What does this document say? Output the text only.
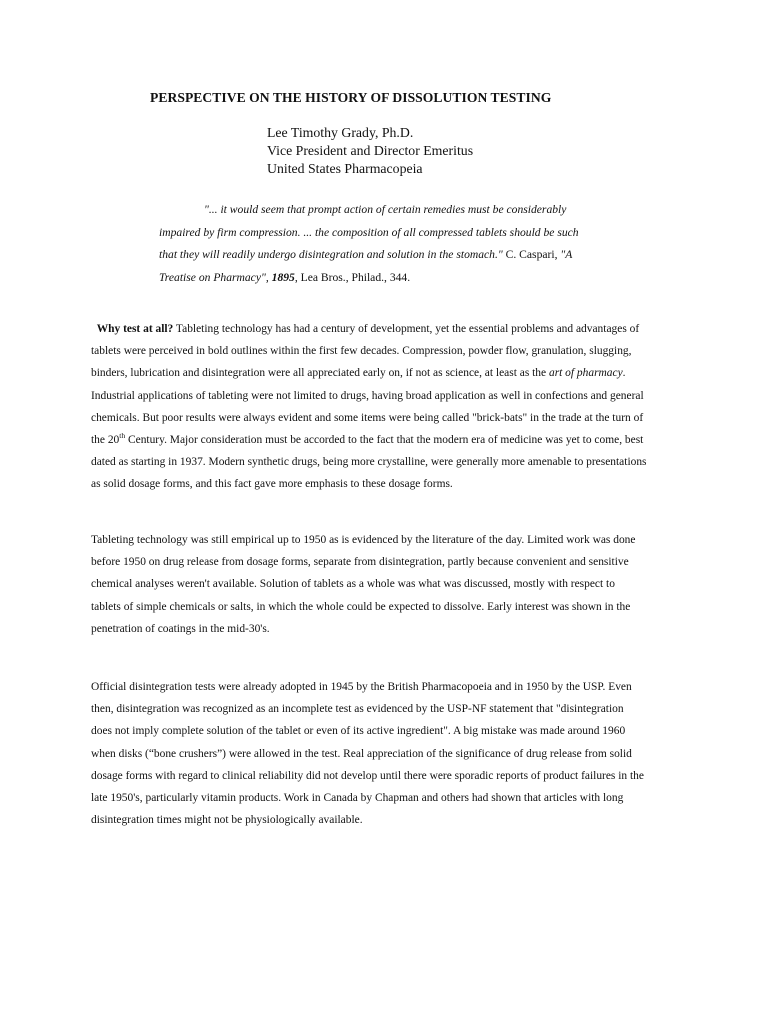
PERSPECTIVE ON THE HISTORY OF DISSOLUTION TESTING
Lee Timothy Grady, Ph.D.
Vice President and Director Emeritus
United States Pharmacopeia
"... it would seem that prompt action of certain remedies must be considerably
impaired by firm compression. ... the composition of all compressed tablets should be such
that they will readily undergo disintegration and solution in the stomach." C. Caspari, "A
Treatise on Pharmacy", 1895, Lea Bros., Philad., 344.
Why test at all? Tableting technology has had a century of development, yet the essential problems and advantages of
tablets were perceived in bold outlines within the first few decades. Compression, powder flow, granulation, slugging,
binders, lubrication and disintegration were all appreciated early on, if not as science, at least as the art of pharmacy.
Industrial applications of tableting were not limited to drugs, having broad application as well in confections and general
chemicals. But poor results were always evident and some items were being called "brick-bats" in the trade at the turn of
the 20th Century. Major consideration must be accorded to the fact that the modern era of medicine was yet to come, best
dated as starting in 1937. Modern synthetic drugs, being more crystalline, were generally more amenable to presentations
as solid dosage forms, and this fact gave more emphasis to these dosage forms.
Tableting technology was still empirical up to 1950 as is evidenced by the literature of the day. Limited work was done
before 1950 on drug release from dosage forms, separate from disintegration, partly because convenient and sensitive
chemical analyses weren't available. Solution of tablets as a whole was what was discussed, mostly with respect to
tablets of simple chemicals or salts, in which the whole could be expected to dissolve. Early interest was shown in the
penetration of coatings in the mid-30's.
Official disintegration tests were already adopted in 1945 by the British Pharmacopoeia and in 1950 by the USP. Even
then, disintegration was recognized as an incomplete test as evidenced by the USP-NF statement that "disintegration
does not imply complete solution of the tablet or even of its active ingredient". A big mistake was made around 1960
when disks (“bone crushers”) were allowed in the test. Real appreciation of the significance of drug release from solid
dosage forms with regard to clinical reliability did not develop until there were sporadic reports of product failures in the
late 1950's, particularly vitamin products. Work in Canada by Chapman and others had shown that articles with long
disintegration times might not be physiologically available.
